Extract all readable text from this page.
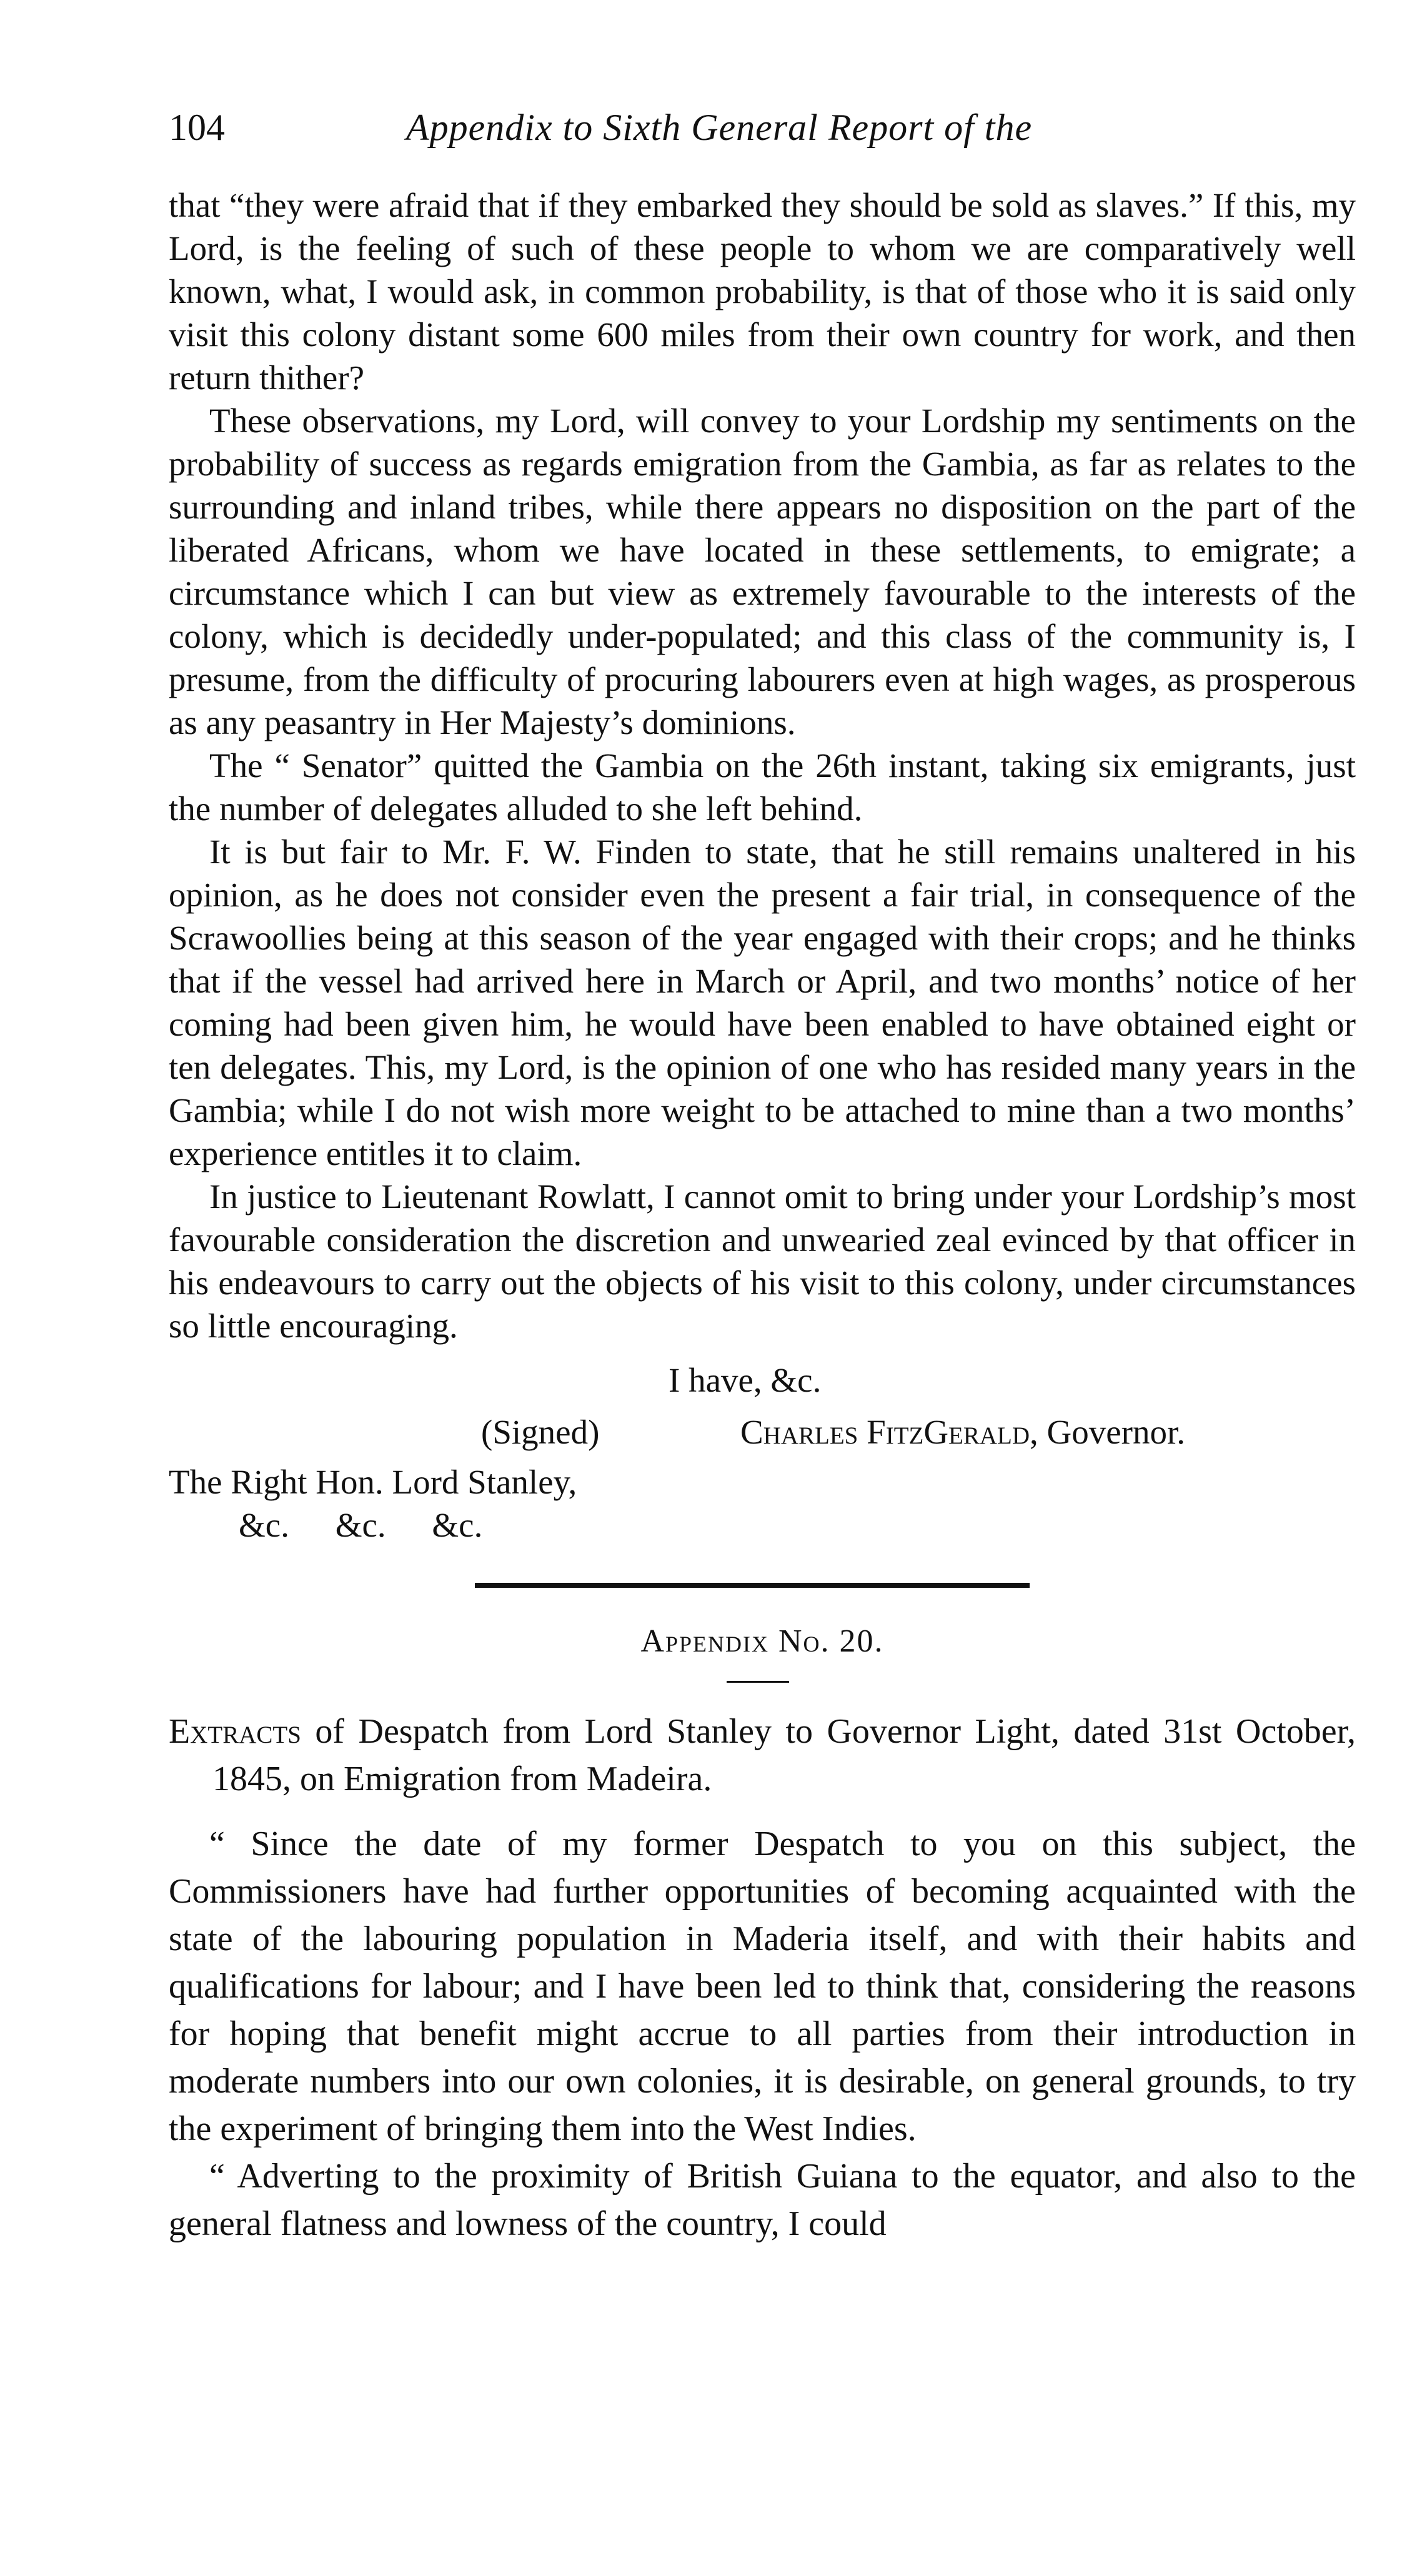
104	Appendix to Sixth General Report of the

that “they were afraid that if they embarked they should be sold as slaves.” If this, my Lord, is the feeling of such of these people to whom we are comparatively well known, what, I would ask, in common probability, is that of those who it is said only visit this colony distant some 600 miles from their own country for work, and then return thither?

These observations, my Lord, will convey to your Lordship my sentiments on the probability of success as regards emigration from the Gambia, as far as relates to the surrounding and inland tribes, while there appears no disposition on the part of the liberated Africans, whom we have located in these settlements, to emigrate; a circumstance which I can but view as extremely favourable to the interests of the colony, which is decidedly under-populated; and this class of the community is, I presume, from the difficulty of procuring labourers even at high wages, as prosperous as any peasantry in Her Majesty’s dominions.

The “ Senator” quitted the Gambia on the 26th instant, taking six emigrants, just the number of delegates alluded to she left behind.

It is but fair to Mr. F. W. Finden to state, that he still remains unaltered in his opinion, as he does not consider even the present a fair trial, in consequence of the Scrawoollies being at this season of the year engaged with their crops; and he thinks that if the vessel had arrived here in March or April, and two months’ notice of her coming had been given him, he would have been enabled to have obtained eight or ten delegates. This, my Lord, is the opinion of one who has resided many years in the Gambia; while I do not wish more weight to be attached to mine than a two months’ experience entitles it to claim.

In justice to Lieutenant Rowlatt, I cannot omit to bring under your Lordship’s most favourable consideration the discretion and unwearied zeal evinced by that officer in his endeavours to carry out the objects of his visit to this colony, under circumstances so little encouraging.

I have, &c.
(Signed)	Charles FitzGerald, Governor.
The Right Hon. Lord Stanley,
&c. &c. &c.
Appendix No. 20.
Extracts of Despatch from Lord Stanley to Governor Light, dated 31st October, 1845, on Emigration from Madeira.

“ Since the date of my former Despatch to you on this subject, the Commissioners have had further opportunities of becoming acquainted with the state of the labouring population in Maderia itself, and with their habits and qualifications for labour; and I have been led to think that, considering the reasons for hoping that benefit might accrue to all parties from their introduction in moderate numbers into our own colonies, it is desirable, on general grounds, to try the experiment of bringing them into the West Indies.

“ Adverting to the proximity of British Guiana to the equator, and also to the general flatness and lowness of the country, I could
